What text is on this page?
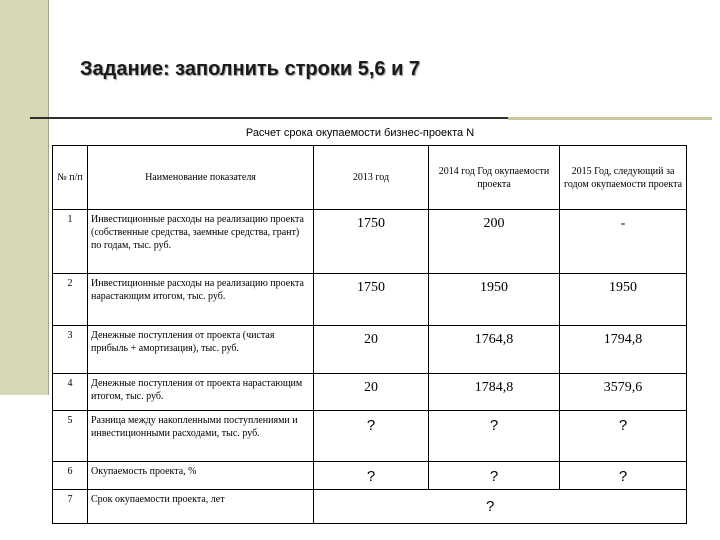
Задание: заполнить строки 5,6 и 7
Расчет срока окупаемости бизнес-проекта N
№ п/п	Наименование показателя	2013 год	2014 год Год окупаемости проекта	2015 Год, следующий за годом окупаемости проекта
1	Инвестиционные расходы на реализацию проекта (собственные средства, заемные средства, грант) по годам, тыс. руб.	1750	200	-
2	Инвестиционные расходы на реализацию проекта нарастающим итогом, тыс. руб.	1750	1950	1950
3	Денежные поступления от проекта (чистая прибыль + амортизация), тыс. руб.	20	1764,8	1794,8
4	Денежные поступления от проекта нарастающим итогом, тыс. руб.	20	1784,8	3579,6
5	Разница между накопленными поступлениями и инвестиционными расходами, тыс. руб.	?	?	?
6	Окупаемость проекта, %	?	?	?
7	Срок окупаемости проекта, лет				?
